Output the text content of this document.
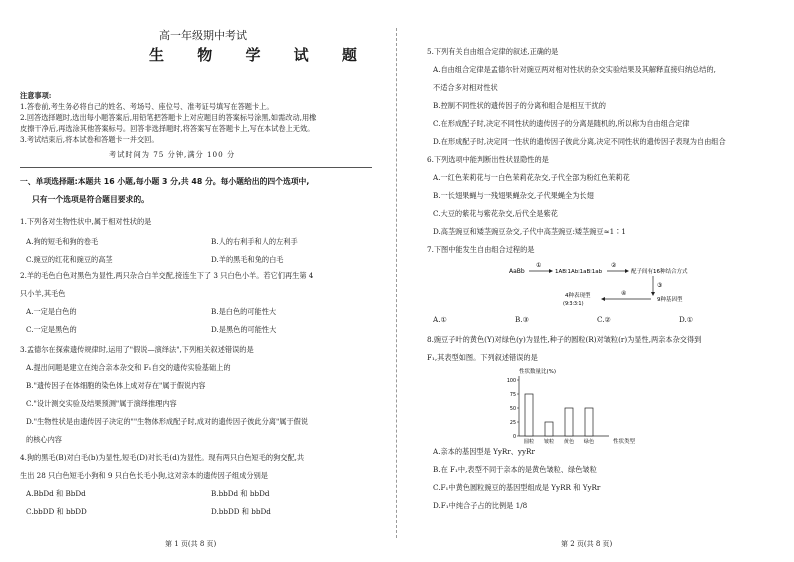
高一年级期中考试
生 物 学 试 题
注意事项:
1.答卷前,考生务必将自己的姓名、考场号、座位号、准考证号填写在答题卡上。
2.回答选择题时,选出每小题答案后,用铅笔把答题卡上对应题目的答案标号涂黑,如需改动,用橡
皮擦干净后,再选涂其他答案标号。回答非选择题时,将答案写在答题卡上,写在本试卷上无效。
3.考试结束后,将本试卷和答题卡一并交回。
考试时间为 75 分钟,满分 100 分
一、单项选择题:本题共 16 小题,每小题 3 分,共 48 分。每小题给出的四个选项中,
只有一个选项是符合题目要求的。
1.下列各对生物性状中,属于相对性状的是
A.狗的短毛和狗的卷毛	B.人的右利手和人的左利手
C.豌豆的红花和豌豆的高茎	D.羊的黑毛和兔的白毛
2.羊的毛色白色对黑色为显性,两只杂合白羊交配,接连生下了 3 只白色小羊。若它们再生第 4
只小羊,其毛色
A.一定是白色的	B.是白色的可能性大
C.一定是黑色的	D.是黑色的可能性大
3.孟德尔在探索遗传规律时,运用了"假说—演绎法",下列相关叙述错误的是
A.提出问题是建立在纯合亲本杂交和 F₁自交的遗传实验基础上的
B."遗传因子在体细胞的染色体上成对存在"属于假说内容
C."设计测交实验及结果预测"属于演绎推理内容
D."生物性状是由遗传因子决定的""生物体形成配子时,成对的遗传因子彼此分离"属于假说
的核心内容
4.狗的黑毛(B)对白毛(b)为显性,短毛(D)对长毛(d)为显性。现有两只白色短毛的狗交配,共
生出 28 只白色短毛小狗和 9 只白色长毛小狗,这对亲本的遗传因子组成分别是
A.BbDd 和 BbDd	B.bbDd 和 bbDd
C.bbDD 和 bbDD	D.bbDD 和 bbDd
第 1 页(共 8 页)
5.下列有关自由组合定律的叙述,正确的是
A.自由组合定律是孟德尔针对豌豆两对相对性状的杂交实验结果及其解释直接归纳总结的,
不适合多对相对性状
B.控制不同性状的遗传因子的分离和组合是相互干扰的
C.在形成配子时,决定不同性状的遗传因子的分离是随机的,所以称为自由组合定律
D.在形成配子时,决定同一性状的遗传因子彼此分离,决定不同性状的遗传因子表现为自由组合
6.下列选项中能判断出性状显隐性的是
A.一红色茉莉花与一白色茉莉花杂交,子代全部为粉红色茉莉花
B.一长翅果蝇与一残翅果蝇杂交,子代果蝇全为长翅
C.大豆的紫花与紫花杂交,后代全是紫花
D.高茎豌豆和矮茎豌豆杂交,子代中高茎豌豆:矮茎豌豆≈1∶1
7.下图中能发生自由组合过程的是
AaBb
①
1AB∶1Ab∶1aB∶1ab
②
配子间有16种结合方式
③
9种基因型
④
4种表现型
(9∶3∶3∶1)
A.①	B.③	C.②	D.①
8.豌豆子叶的黄色(Y)对绿色(y)为显性,种子的圆粒(R)对皱粒(r)为显性,两亲本杂交得到
F₁,其表型如图。下列叙述错误的是
性状数量比(%)
0
25
50
75
100
圆粒 皱粒 黄色 绿色	性状类型
A.亲本的基因型是 YyRr、yyRr
B.在 F₁中,表型不同于亲本的是黄色皱粒、绿色皱粒
C.F₁中黄色圆粒豌豆的基因型组成是 YyRR 和 YyRr
D.F₁中纯合子占的比例是 1/8
第 2 页(共 8 页)
